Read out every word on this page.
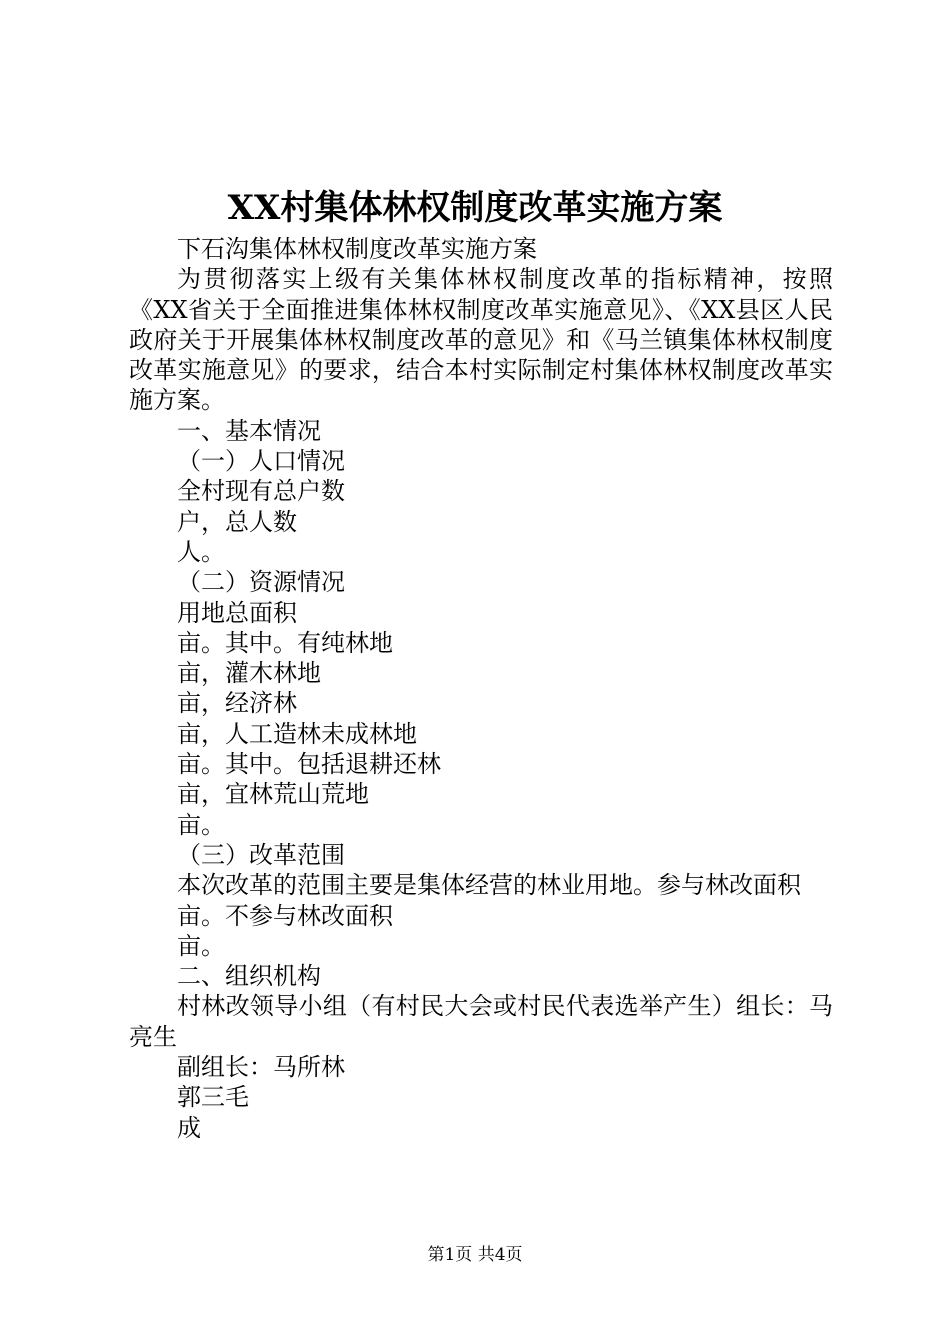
XX村集体林权制度改革实施方案

下石沟集体林权制度改革实施方案

为贯彻落实上级有关集体林权制度改革的指标精神，按照《XX省关于全面推进集体林权制度改革实施意见》、《XX县区人民政府关于开展集体林权制度改革的意见》和《马兰镇集体林权制度改革实施意见》的要求，结合本村实际制定村集体林权制度改革实施方案。

一、基本情况

（一）人口情况

全村现有总户数

户，总人数

人。

（二）资源情况

用地总面积

亩。其中。有纯林地

亩，灌木林地

亩，经济林

亩，人工造林未成林地

亩。其中。包括退耕还林

亩，宜林荒山荒地

亩。

（三）改革范围

本次改革的范围主要是集体经营的林业用地。参与林改面积

亩。不参与林改面积

亩。

二、组织机构

村林改领导小组（有村民大会或村民代表选举产生）组长：马亮生

副组长：马所林

郭三毛

成

第1页 共4页
